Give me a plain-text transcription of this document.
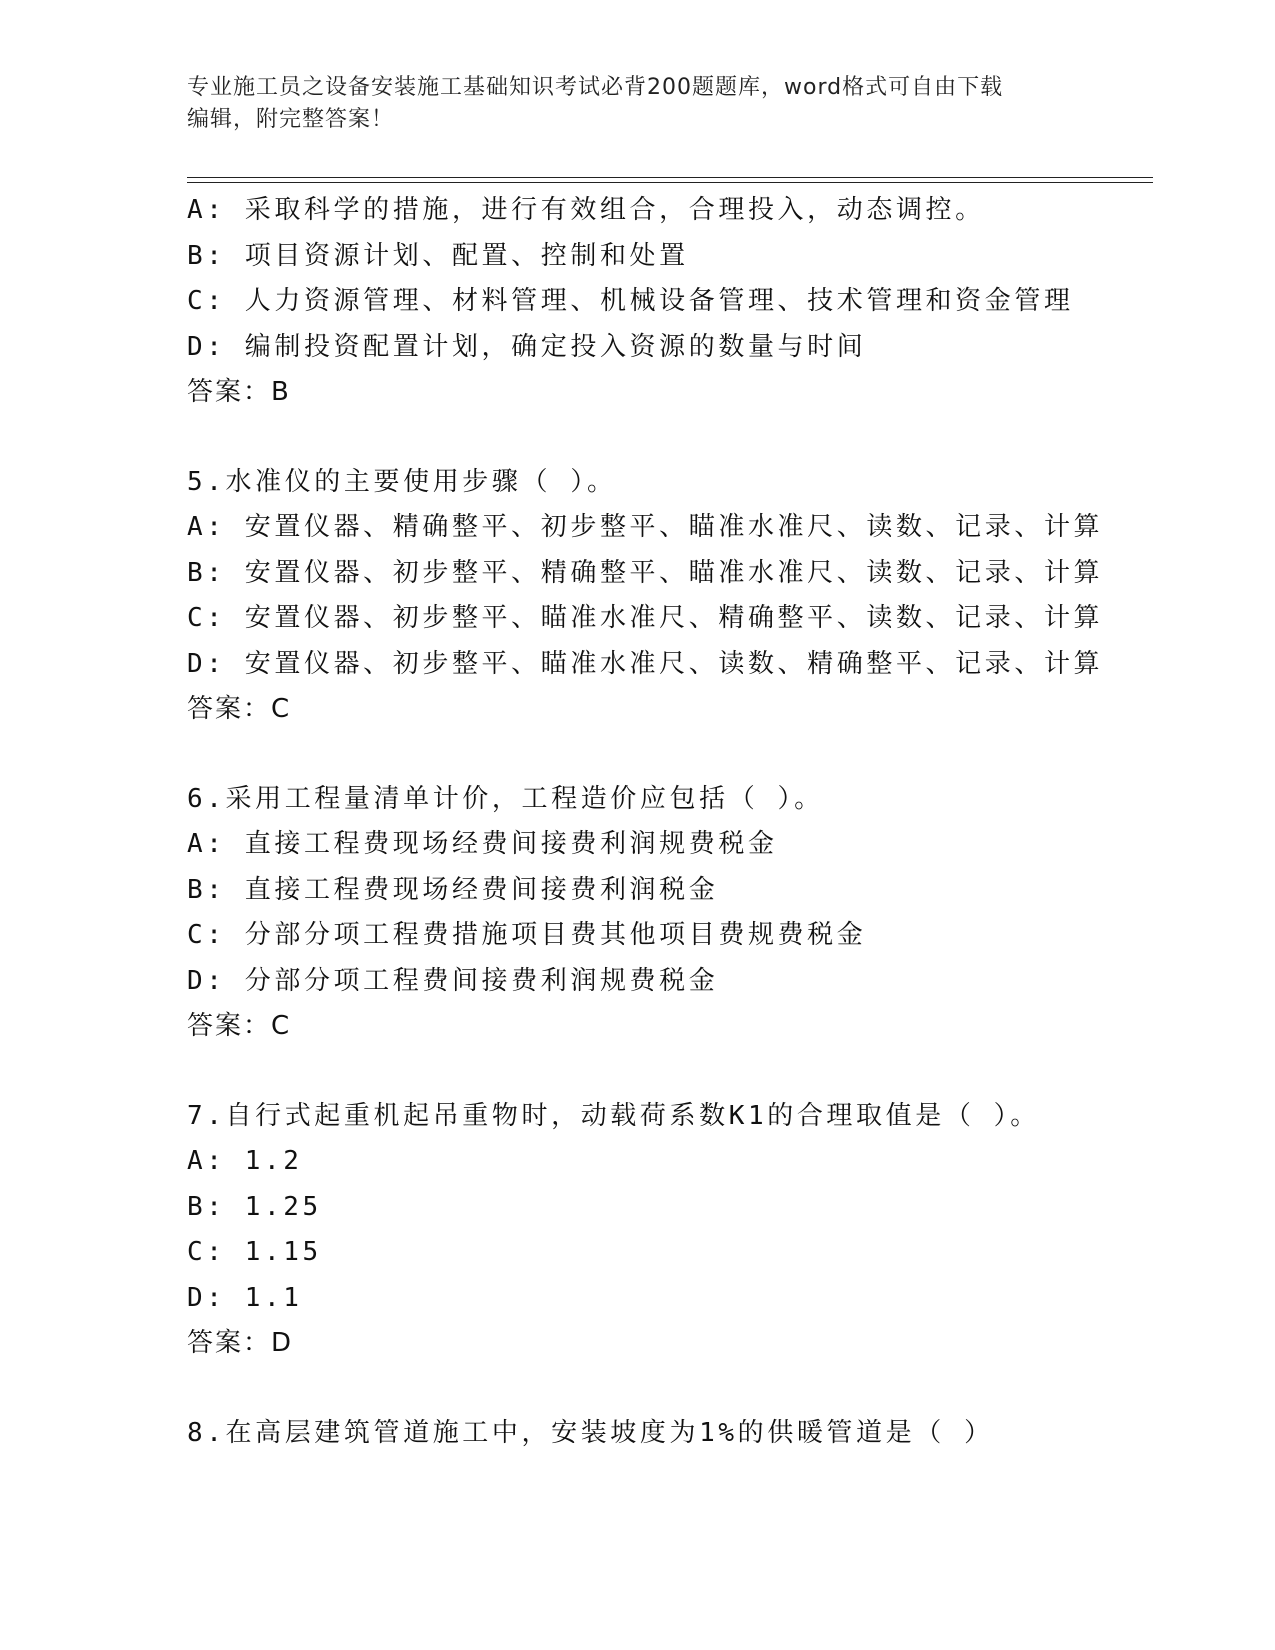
专业施工员之设备安装施工基础知识考试必背200题题库，word格式可自由下载
编辑，附完整答案！
A: 采取科学的措施，进行有效组合，合理投入，动态调控。
B: 项目资源计划、配置、控制和处置
C: 人力资源管理、材料管理、机械设备管理、技术管理和资金管理
D: 编制投资配置计划，确定投入资源的数量与时间
答案：B
5.水准仪的主要使用步骤（ ）。
A: 安置仪器、精确整平、初步整平、瞄准水准尺、读数、记录、计算
B: 安置仪器、初步整平、精确整平、瞄准水准尺、读数、记录、计算
C: 安置仪器、初步整平、瞄准水准尺、精确整平、读数、记录、计算
D: 安置仪器、初步整平、瞄准水准尺、读数、精确整平、记录、计算
答案：C
6.采用工程量清单计价，工程造价应包括（ ）。
A: 直接工程费现场经费间接费利润规费税金
B: 直接工程费现场经费间接费利润税金
C: 分部分项工程费措施项目费其他项目费规费税金
D: 分部分项工程费间接费利润规费税金
答案：C
7.自行式起重机起吊重物时，动载荷系数K1的合理取值是（ ）。
A: 1.2
B: 1.25
C: 1.15
D: 1.1
答案：D
8.在高层建筑管道施工中，安装坡度为1%的供暖管道是（ ）
